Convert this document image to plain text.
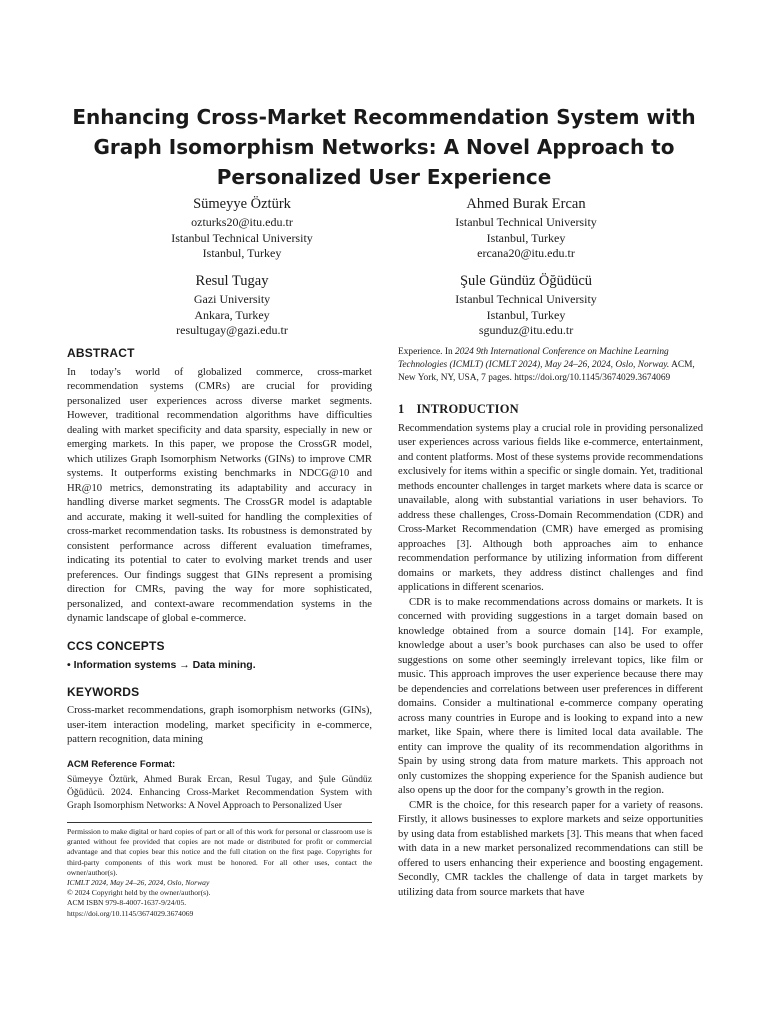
Enhancing Cross-Market Recommendation System with Graph Isomorphism Networks: A Novel Approach to Personalized User Experience
Sümeyye Öztürk
ozturks20@itu.edu.tr
Istanbul Technical University
Istanbul, Turkey
Ahmed Burak Ercan
Istanbul Technical University
Istanbul, Turkey
ercana20@itu.edu.tr
Resul Tugay
Gazi University
Ankara, Turkey
resultugay@gazi.edu.tr
Şule Gündüz Öğüdücü
Istanbul Technical University
Istanbul, Turkey
sgunduz@itu.edu.tr
ABSTRACT

In today’s world of globalized commerce, cross-market recommendation systems (CMRs) are crucial for providing personalized user experiences across diverse market segments. However, traditional recommendation algorithms have difficulties dealing with market specificity and data sparsity, especially in new or emerging markets. In this paper, we propose the CrossGR model, which utilizes Graph Isomorphism Networks (GINs) to improve CMR systems. It outperforms existing benchmarks in NDCG@10 and HR@10 metrics, demonstrating its adaptability and accuracy in handling diverse market segments. The CrossGR model is adaptable and accurate, making it well-suited for handling the complexities of cross-market recommendation tasks. Its robustness is demonstrated by consistent performance across different evaluation timeframes, indicating its potential to cater to evolving market trends and user preferences. Our findings suggest that GINs represent a promising direction for CMRs, paving the way for more sophisticated, personalized, and context-aware recommendation systems in the dynamic landscape of global e-commerce.

CCS CONCEPTS

• Information systems → Data mining.

KEYWORDS

Cross-market recommendations, graph isomorphism networks (GINs), user-item interaction modeling, market specificity in e-commerce, pattern recognition, data mining

ACM Reference Format:

Sümeyye Öztürk, Ahmed Burak Ercan, Resul Tugay, and Şule Gündüz Öğüdücü. 2024. Enhancing Cross-Market Recommendation System with Graph Isomorphism Networks: A Novel Approach to Personalized User

Permission to make digital or hard copies of part or all of this work for personal or classroom use is granted without fee provided that copies are not made or distributed for profit or commercial advantage and that copies bear this notice and the full citation on the first page. Copyrights for third-party components of this work must be honored. For all other uses, contact the owner/author(s).

ICMLT 2024, May 24–26, 2024, Oslo, Norway

© 2024 Copyright held by the owner/author(s).

ACM ISBN 979-8-4007-1637-9/24/05.

https://doi.org/10.1145/3674029.3674069

Experience. In 2024 9th International Conference on Machine Learning Technologies (ICMLT) (ICMLT 2024), May 24–26, 2024, Oslo, Norway. ACM, New York, NY, USA, 7 pages. https://doi.org/10.1145/3674029.3674069

1 INTRODUCTION

Recommendation systems play a crucial role in providing personalized user experiences across various fields like e-commerce, entertainment, and content platforms. Most of these systems provide recommendations exclusively for items within a specific or single domain. Yet, traditional methods encounter challenges in target markets where data is scarce or unavailable, along with substantial variations in user behaviors. To address these challenges, Cross-Domain Recommendation (CDR) and Cross-Market Recommendation (CMR) have emerged as promising approaches [3]. Although both approaches aim to enhance recommendation performance by utilizing information from different domains or markets, they address distinct challenges and find applications in different scenarios.

CDR is to make recommendations across domains or markets. It is concerned with providing suggestions in a target domain based on knowledge obtained from a source domain [14]. For example, knowledge about a user’s book purchases can also be used to offer suggestions on some other seemingly irrelevant topics, like film or music. This approach improves the user experience because there may be dependencies and correlations between user preferences in different domains. Consider a multinational e-commerce company operating across many countries in Europe and is looking to expand into a new market, like Spain, where there is limited local data available. The entity can improve the quality of its recommendation algorithms in Spain by using strong data from mature markets. This approach not only customizes the shopping experience for the Spanish audience but also opens up the door for the company’s growth in the region.

CMR is the choice, for this research paper for a variety of reasons. Firstly, it allows businesses to explore markets and seize opportunities by using data from established markets [3]. This means that when faced with data in a new market personalized recommendations can still be offered to users enhancing their experience and boosting engagement. Secondly, CMR tackles the challenge of data in target markets by utilizing data from source markets that have
